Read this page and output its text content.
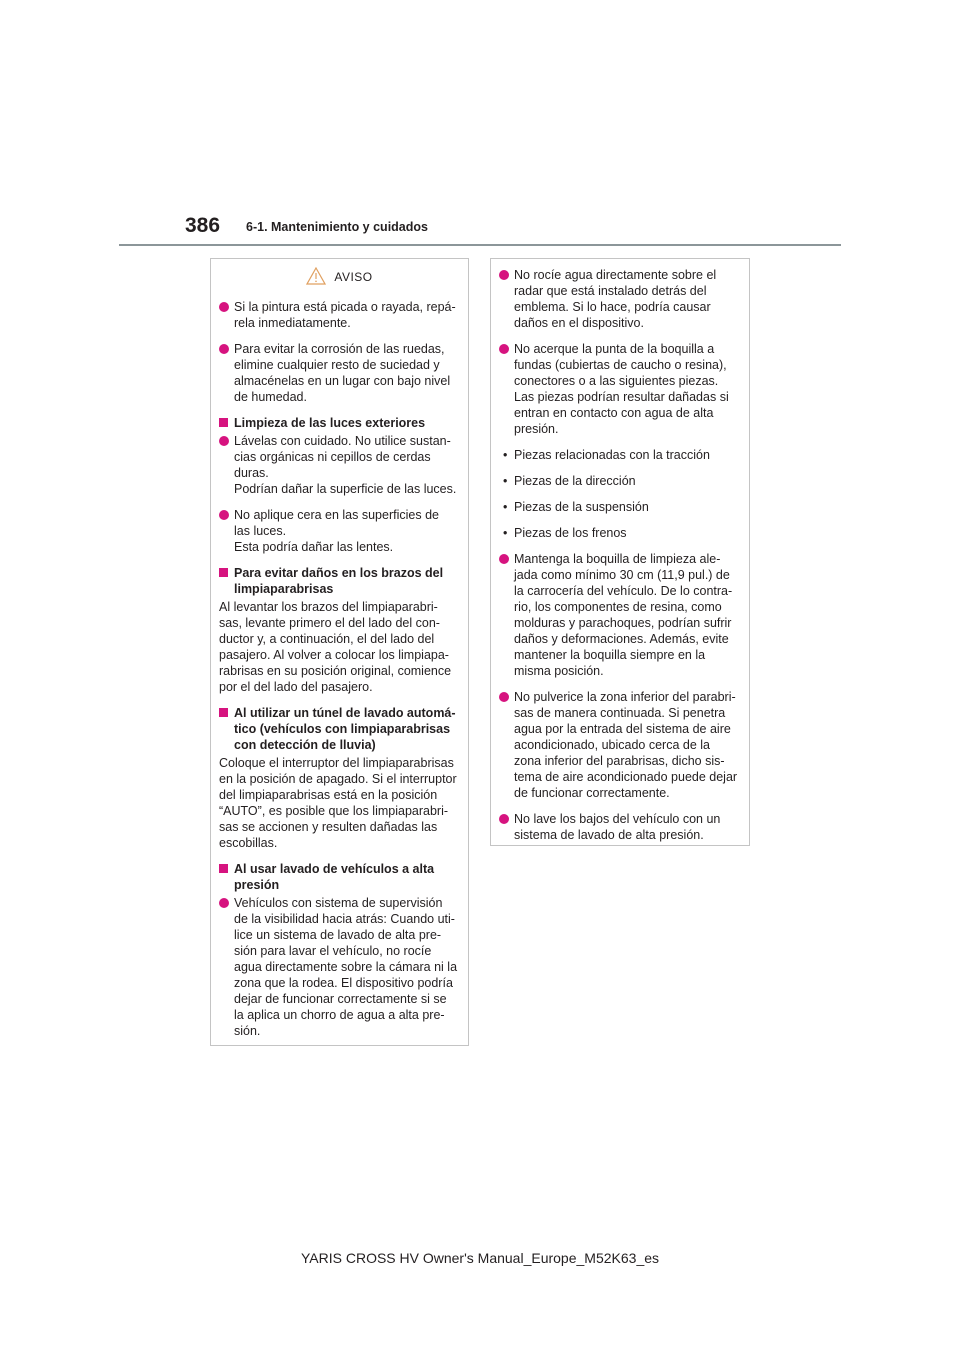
386 6-1. Mantenimiento y cuidados
AVISO
Si la pintura está picada o rayada, repá-
rela inmediatamente.
Para evitar la corrosión de las ruedas,
elimine cualquier resto de suciedad y
almacénelas en un lugar con bajo nivel
de humedad.
Limpieza de las luces exteriores
Lávelas con cuidado. No utilice sustan-
cias orgánicas ni cepillos de cerdas
duras.
Podrían dañar la superficie de las luces.
No aplique cera en las superficies de
las luces.
Esta podría dañar las lentes.
Para evitar daños en los brazos del
limpiaparabrisas
Al levantar los brazos del limpiaparabri-
sas, levante primero el del lado del con-
ductor y, a continuación, el del lado del
pasajero. Al volver a colocar los limpiapa-
rabrisas en su posición original, comience
por el del lado del pasajero.
Al utilizar un túnel de lavado automá-
tico (vehículos con limpiaparabrisas
con detección de lluvia)
Coloque el interruptor del limpiaparabrisas
en la posición de apagado. Si el interruptor
del limpiaparabrisas está en la posición
“AUTO”, es posible que los limpiaparabri-
sas se accionen y resulten dañadas las
escobillas.
Al usar lavado de vehículos a alta
presión
Vehículos con sistema de supervisión
de la visibilidad hacia atrás: Cuando uti-
lice un sistema de lavado de alta pre-
sión para lavar el vehículo, no rocíe
agua directamente sobre la cámara ni la
zona que la rodea. El dispositivo podría
dejar de funcionar correctamente si se
la aplica un chorro de agua a alta pre-
sión.
No rocíe agua directamente sobre el
radar que está instalado detrás del
emblema. Si lo hace, podría causar
daños en el dispositivo.
No acerque la punta de la boquilla a
fundas (cubiertas de caucho o resina),
conectores o a las siguientes piezas.
Las piezas podrían resultar dañadas si
entran en contacto con agua de alta
presión.
• Piezas relacionadas con la tracción
• Piezas de la dirección
• Piezas de la suspensión
• Piezas de los frenos
Mantenga la boquilla de limpieza ale-
jada como mínimo 30 cm (11,9 pul.) de
la carrocería del vehículo. De lo contra-
rio, los componentes de resina, como
molduras y parachoques, podrían sufrir
daños y deformaciones. Además, evite
mantener la boquilla siempre en la
misma posición.
No pulverice la zona inferior del parabri-
sas de manera continuada. Si penetra
agua por la entrada del sistema de aire
acondicionado, ubicado cerca de la
zona inferior del parabrisas, dicho sis-
tema de aire acondicionado puede dejar
de funcionar correctamente.
No lave los bajos del vehículo con un
sistema de lavado de alta presión.
YARIS CROSS HV Owner's Manual_Europe_M52K63_es
